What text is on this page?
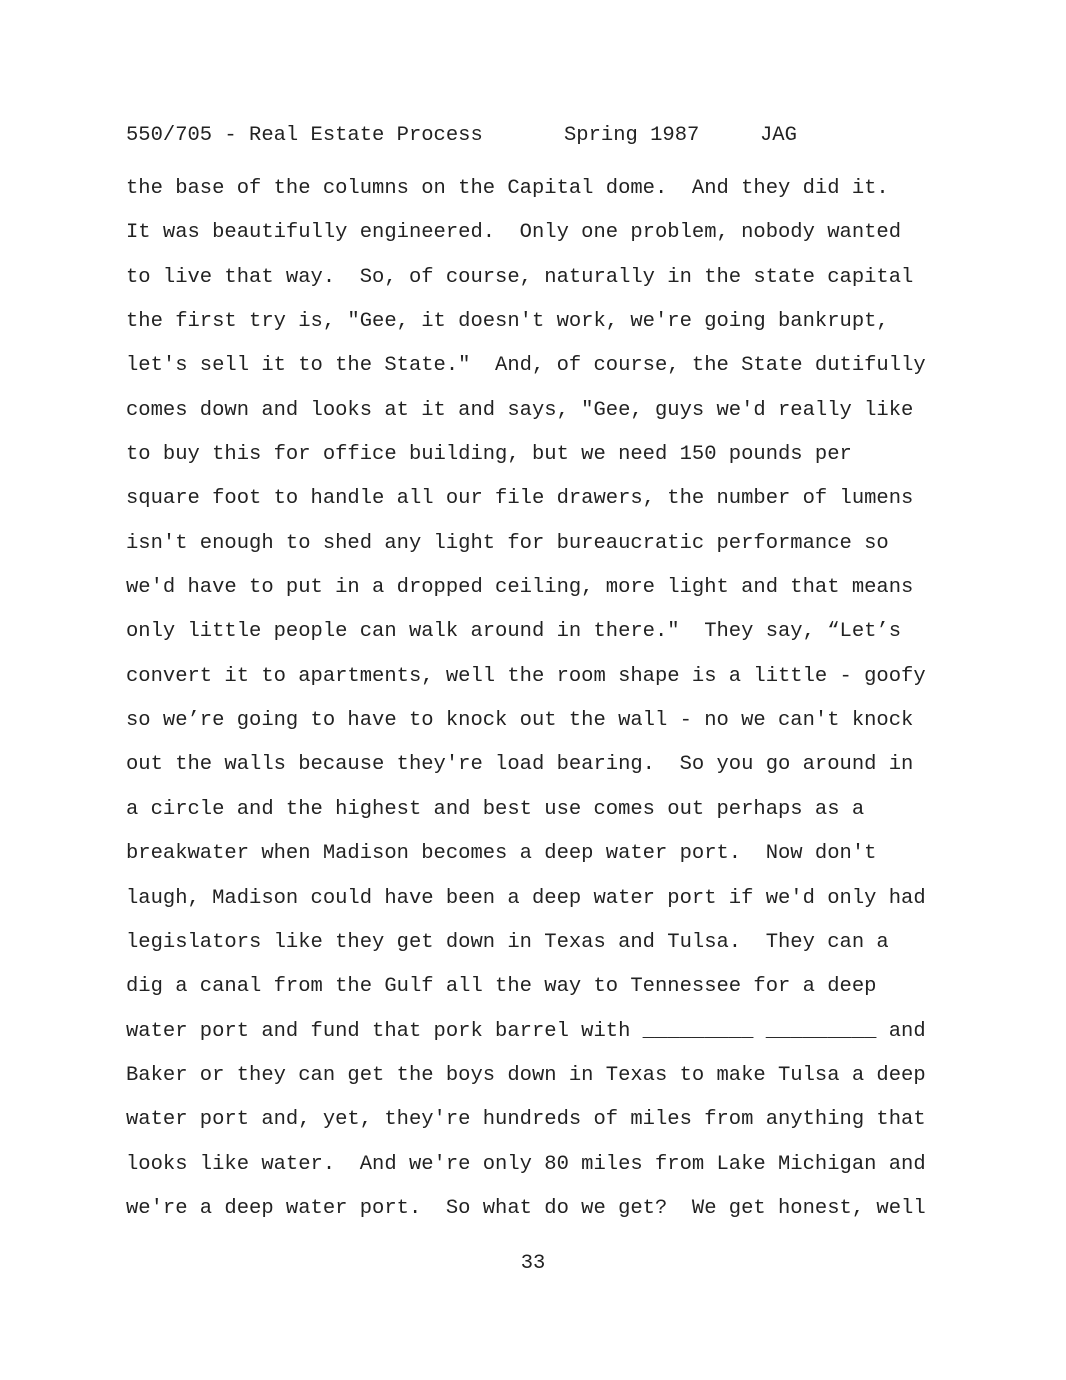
550/705 - Real Estate Process	Spring 1987	JAG
the base of the columns on the Capital dome.  And they did it.
It was beautifully engineered.  Only one problem, nobody wanted
to live that way.  So, of course, naturally in the state capital
the first try is, "Gee, it doesn't work, we're going bankrupt,
let's sell it to the State."  And, of course, the State dutifully
comes down and looks at it and says, "Gee, guys we'd really like
to buy this for office building, but we need 150 pounds per
square foot to handle all our file drawers, the number of lumens
isn't enough to shed any light for bureaucratic performance so
we'd have to put in a dropped ceiling, more light and that means
only little people can walk around in there."  They say, “Let’s
convert it to apartments, well the room shape is a little - goofy
so we’re going to have to knock out the wall - no we can't knock
out the walls because they're load bearing.  So you go around in
a circle and the highest and best use comes out perhaps as a
breakwater when Madison becomes a deep water port.  Now don't
laugh, Madison could have been a deep water port if we'd only had
legislators like they get down in Texas and Tulsa.  They can a
dig a canal from the Gulf all the way to Tennessee for a deep
water port and fund that pork barrel with _________ _________ and
Baker or they can get the boys down in Texas to make Tulsa a deep
water port and, yet, they're hundreds of miles from anything that
looks like water.  And we're only 80 miles from Lake Michigan and
we're a deep water port.  So what do we get?  We get honest, well
33
